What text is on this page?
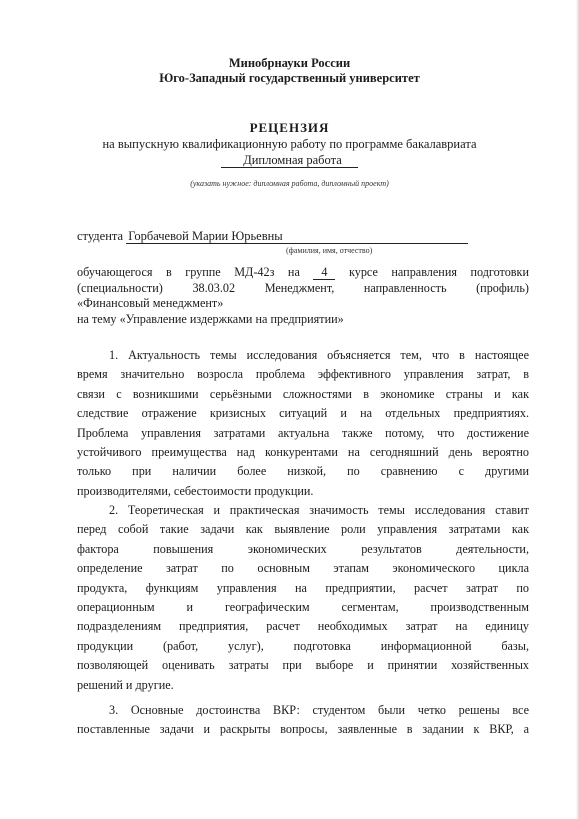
Минобрнауки России
Юго-Западный государственный университет
РЕЦЕНЗИЯ
на выпускную квалификационную работу по программе бакалавриата
Дипломная работа
(указать нужное: дипломная работа, дипломный проект)
студента Горбачевой Марии Юрьевны
(фамилия, имя, отчество)
обучающегося в группе МД-42з на 4 курсе направления подготовки
(специальности) 38.03.02 Менеджмент, направленность (профиль)
«Финансовый менеджмент»
на тему «Управление издержками на предприятии»
1. Актуальность темы исследования объясняется тем, что в настоящее
время значительно возросла проблема эффективного управления затрат, в
связи с возникшими серьёзными сложностями в экономике страны и как
следствие отражение кризисных ситуаций и на отдельных предприятиях.
Проблема управления затратами актуальна также потому, что достижение
устойчивого преимущества над конкурентами на сегодняшний день вероятно
только при наличии более низкой, по сравнению с другими
производителями, себестоимости продукции.
2. Теоретическая и практическая значимость темы исследования ставит
перед собой такие задачи как выявление роли управления затратами как
фактора повышения экономических результатов деятельности,
определение затрат по основным этапам экономического цикла
продукта, функциям управления на предприятии, расчет затрат по
операционным и географическим сегментам, производственным
подразделениям предприятия, расчет необходимых затрат на единицу
продукции (работ, услуг), подготовка информационной базы,
позволяющей оценивать затраты при выборе и принятии хозяйственных
решений и другие.
3. Основные достоинства ВКР: студентом были четко решены все
поставленные задачи и раскрыты вопросы, заявленные в задании к ВКР, а
